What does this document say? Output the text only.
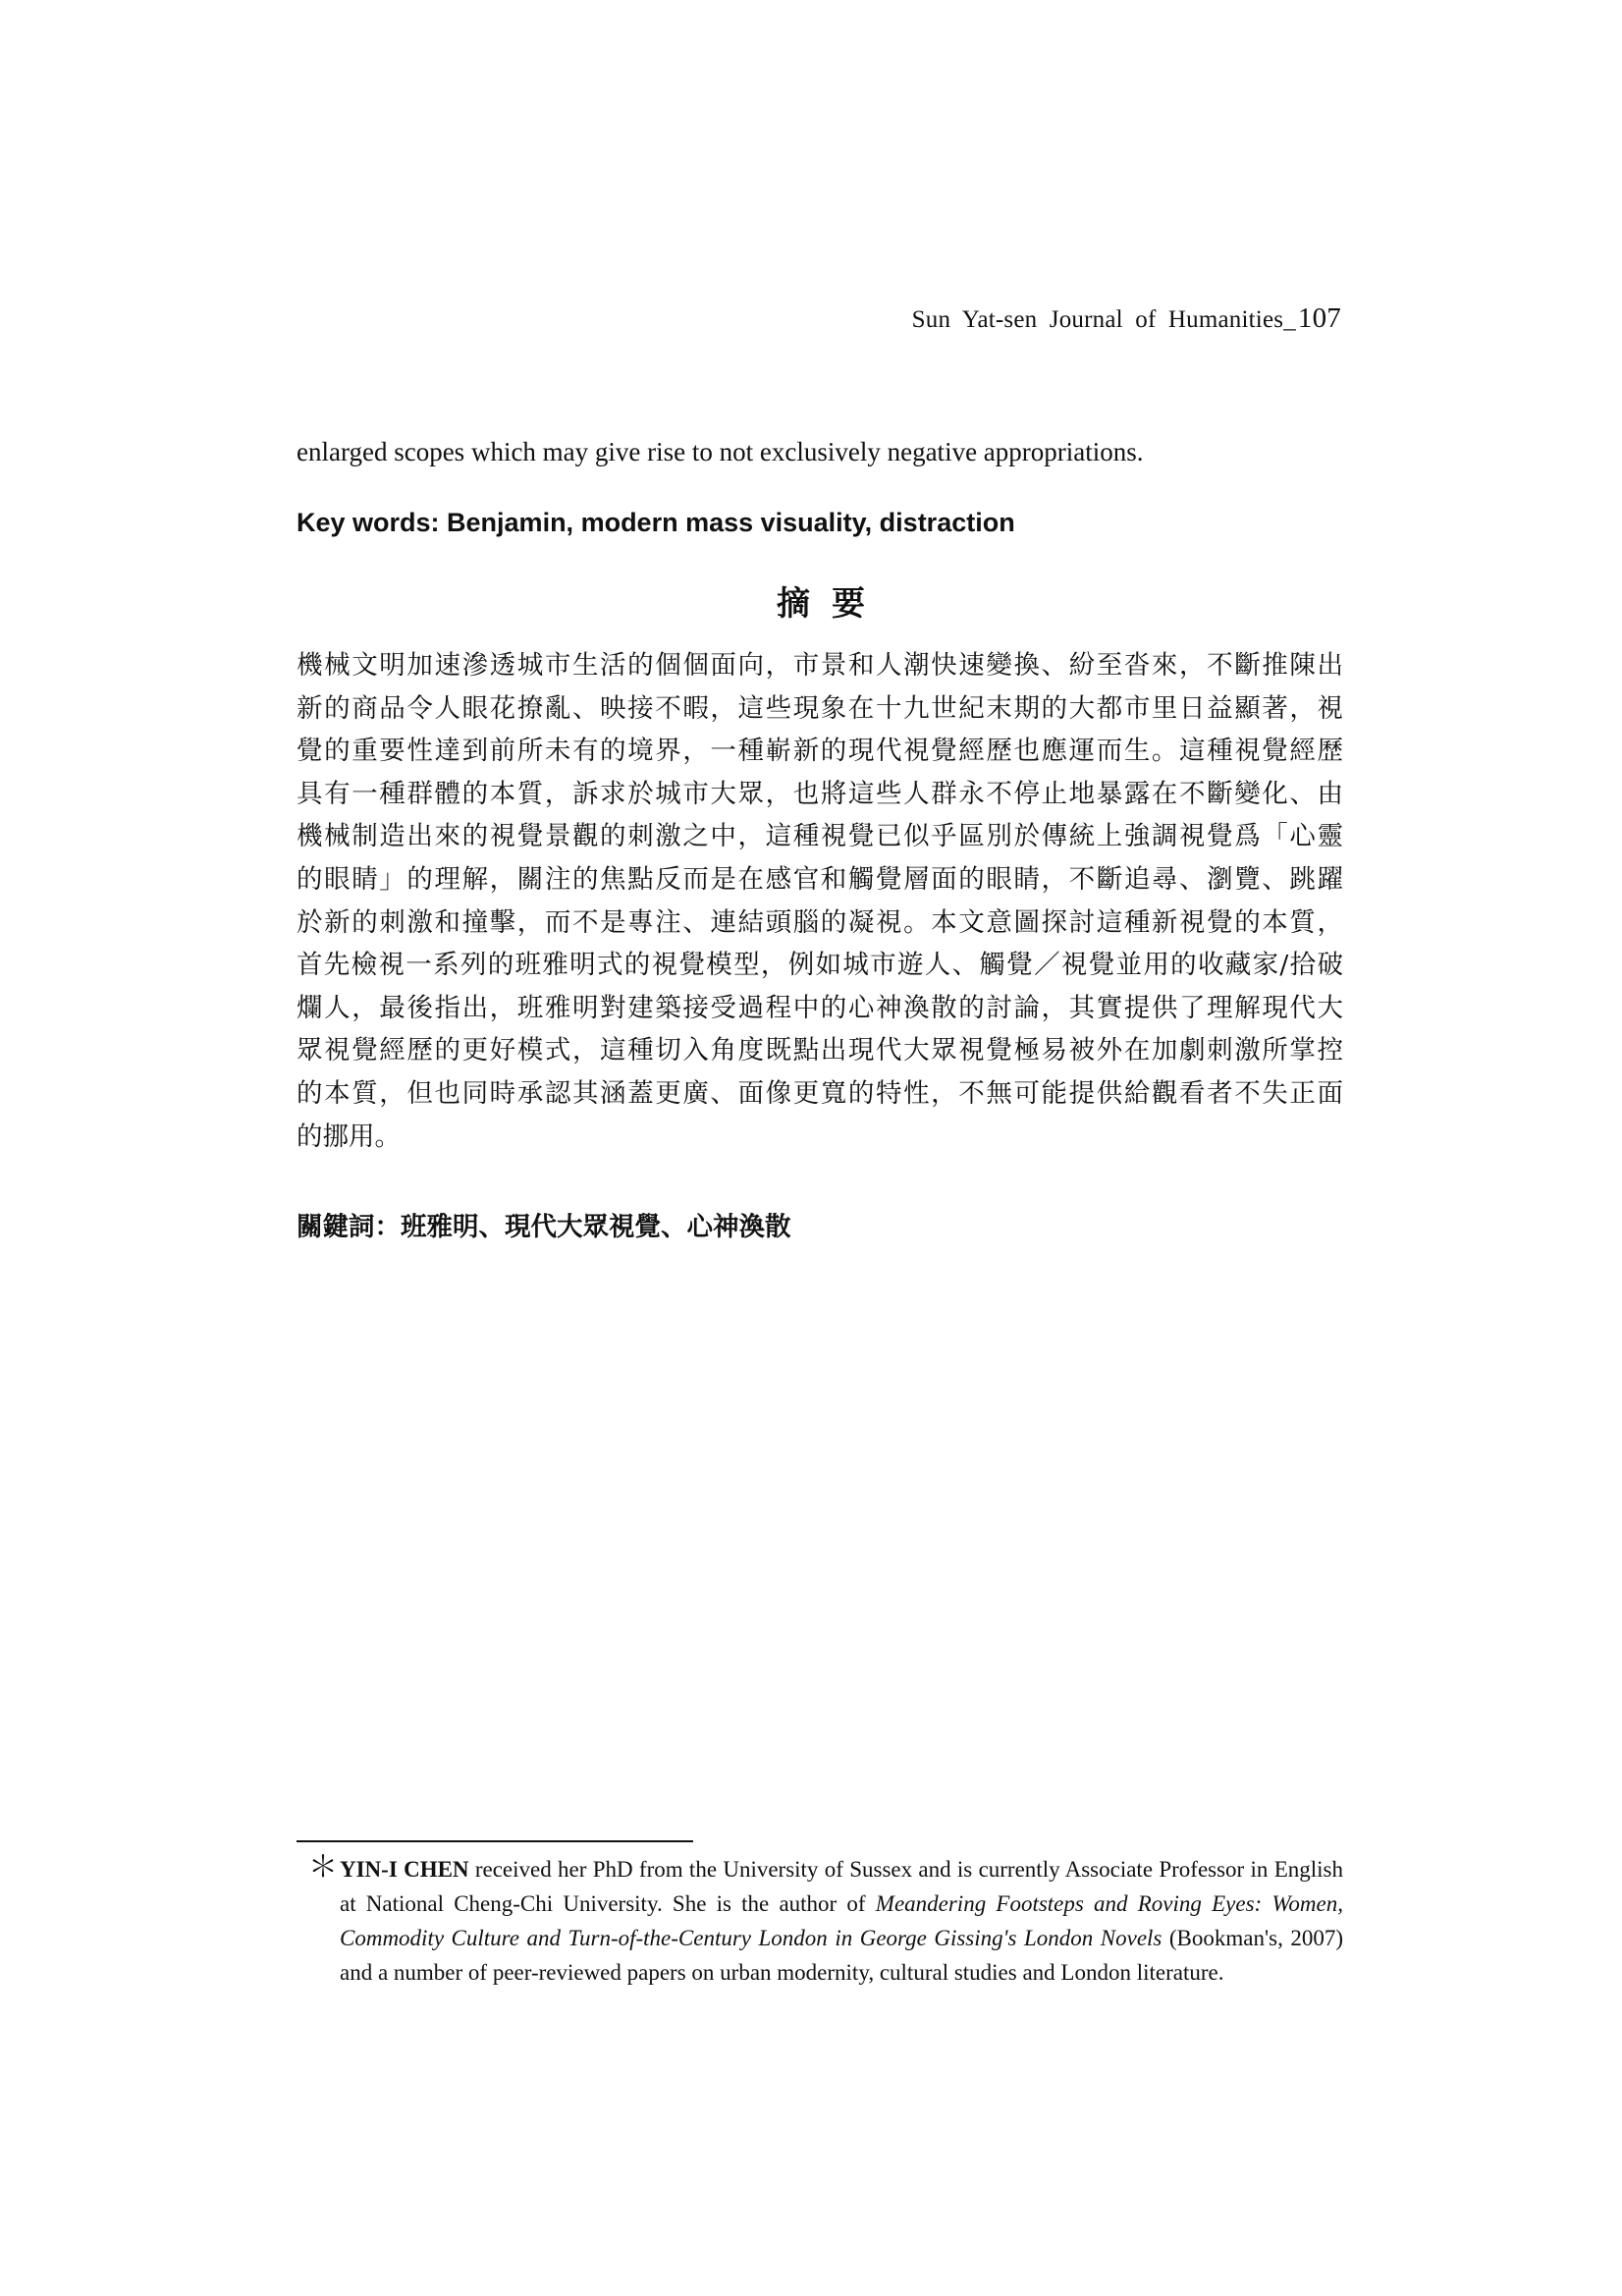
Sun Yat-sen Journal of Humanities_107

enlarged scopes which may give rise to not exclusively negative appropriations.

Key words: Benjamin, modern mass visuality, distraction

摘要
機械文明加速滲透城市生活的個個面向，市景和人潮快速變換、紛至沓來，不斷推陳出
新的商品令人眼花撩亂、映接不暇，這些現象在十九世紀末期的大都市里日益顯著，視
覺的重要性達到前所未有的境界，一種嶄新的現代視覺經歷也應運而生。這種視覺經歷
具有一種群體的本質，訴求於城市大眾，也將這些人群永不停止地暴露在不斷變化、由
機械制造出來的視覺景觀的刺激之中，這種視覺已似乎區別於傳統上強調視覺爲「心靈
的眼睛」的理解，關注的焦點反而是在感官和觸覺層面的眼睛，不斷追尋、瀏覽、跳躍
於新的刺激和撞擊，而不是專注、連結頭腦的凝視。本文意圖探討這種新視覺的本質，
首先檢視一系列的班雅明式的視覺模型，例如城市遊人、觸覺／視覺並用的收藏家/拾破
爛人，最後指出，班雅明對建築接受過程中的心神渙散的討論，其實提供了理解現代大
眾視覺經歷的更好模式，這種切入角度既點出現代大眾視覺極易被外在加劇刺激所掌控
的本質，但也同時承認其涵蓋更廣、面像更寬的特性，不無可能提供給觀看者不失正面
的挪用。

關鍵詞：班雅明、現代大眾視覺、心神渙散

＊ YIN-I CHEN received her PhD from the University of Sussex and is currently Associate Professor in English at National Cheng-Chi University. She is the author of Meandering Footsteps and Roving Eyes: Women, Commodity Culture and Turn-of-the-Century London in George Gissing's London Novels (Bookman's, 2007) and a number of peer-reviewed papers on urban modernity, cultural studies and London literature.
